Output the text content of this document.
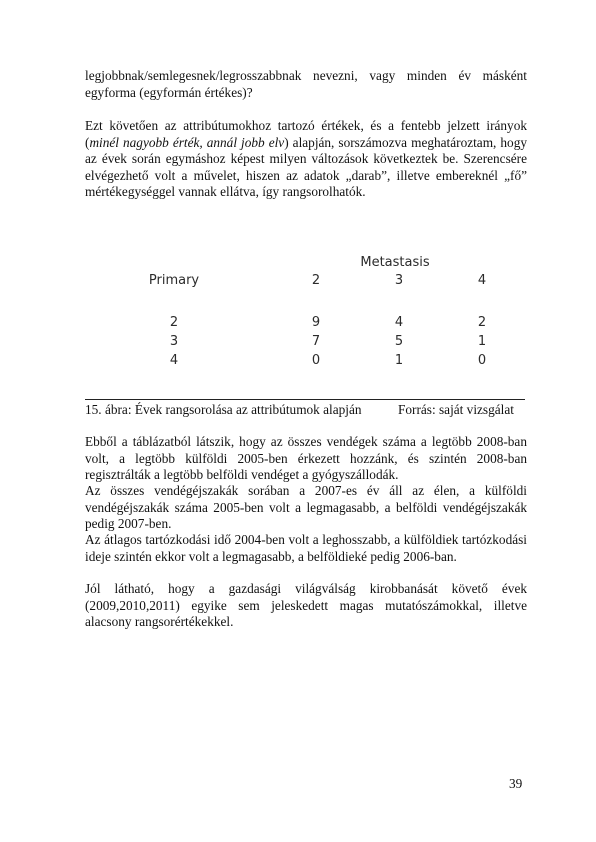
legjobbnak/semlegesnek/legrosszabbnak nevezni, vagy minden év másként egyforma (egyformán értékes)?

Ezt követően az attribútumokhoz tartozó értékek, és a fentebb jelzett irányok (minél nagyobb érték, annál jobb elv) alapján, sorszámozva meghatároztam, hogy az évek során egymáshoz képest milyen változások következtek be. Szerencsére elvégezhető volt a művelet, hiszen az adatok „darab”, illetve embereknél „fő” mértékegységgel vannak ellátva, így rangsorolhatók.

Metastasis
Primary	2	3	4
2	9	4	2
3	7	5	1
4	0	1	0
15. ábra: Évek rangsorolása az attribútumok alapján	Forrás: saját vizsgálat

Ebből a táblázatból látszik, hogy az összes vendégek száma a legtöbb 2008-ban volt, a legtöbb külföldi 2005-ben érkezett hozzánk, és szintén 2008-ban regisztrálták a legtöbb belföldi vendéget a gyógyszállodák.

Az összes vendégéjszakák sorában a 2007-es év áll az élen, a külföldi vendégéjszakák száma 2005-ben volt a legmagasabb, a belföldi vendégéjszakák pedig 2007-ben.

Az átlagos tartózkodási idő 2004-ben volt a leghosszabb, a külföldiek tartózkodási ideje szintén ekkor volt a legmagasabb, a belföldieké pedig 2006-ban.

Jól látható, hogy a gazdasági világválság kirobbanását követő évek (2009,2010,2011) egyike sem jeleskedett magas mutatószámokkal, illetve alacsony rangsorértékekkel.

39
